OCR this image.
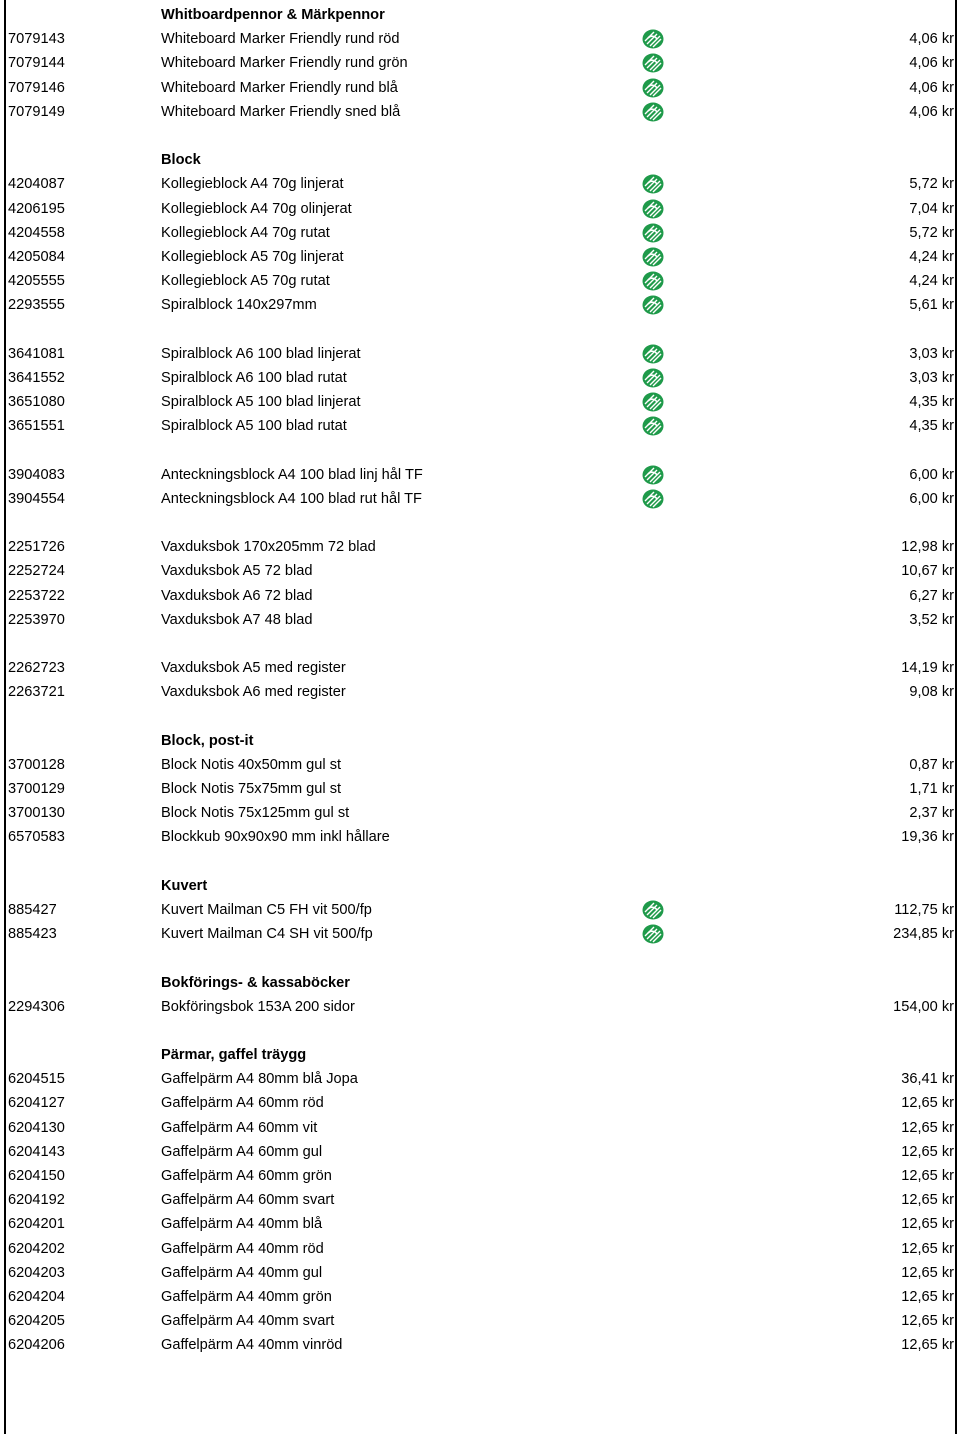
Whitboardpennor & Märkpennor
7079143	Whiteboard Marker Friendly rund röd	4,06 kr
7079144	Whiteboard Marker Friendly rund grön	4,06 kr
7079146	Whiteboard Marker Friendly rund blå	4,06 kr
7079149	Whiteboard Marker Friendly sned blå	4,06 kr
Block
4204087	Kollegieblock A4 70g linjerat	5,72 kr
4206195	Kollegieblock A4 70g olinjerat	7,04 kr
4204558	Kollegieblock A4 70g rutat	5,72 kr
4205084	Kollegieblock A5 70g linjerat	4,24 kr
4205555	Kollegieblock A5 70g rutat	4,24 kr
2293555	Spiralblock 140x297mm	5,61 kr
3641081	Spiralblock A6 100 blad linjerat	3,03 kr
3641552	Spiralblock A6 100 blad rutat	3,03 kr
3651080	Spiralblock A5 100 blad linjerat	4,35 kr
3651551	Spiralblock A5 100 blad rutat	4,35 kr
3904083	Anteckningsblock A4 100 blad linj hål TF	6,00 kr
3904554	Anteckningsblock A4 100 blad rut hål TF	6,00 kr
2251726	Vaxduksbok 170x205mm 72 blad	12,98 kr
2252724	Vaxduksbok A5 72 blad	10,67 kr
2253722	Vaxduksbok A6 72 blad	6,27 kr
2253970	Vaxduksbok A7 48 blad	3,52 kr
2262723	Vaxduksbok A5 med register	14,19 kr
2263721	Vaxduksbok A6 med register	9,08 kr
Block, post-it
3700128	Block Notis 40x50mm gul st	0,87 kr
3700129	Block Notis 75x75mm gul st	1,71 kr
3700130	Block Notis 75x125mm gul st	2,37 kr
6570583	Blockkub 90x90x90 mm inkl hållare	19,36 kr
Kuvert
885427	Kuvert Mailman C5 FH vit 500/fp	112,75 kr
885423	Kuvert Mailman C4 SH vit 500/fp	234,85 kr
Bokförings- & kassaböcker
2294306	Bokföringsbok 153A 200 sidor	154,00 kr
Pärmar, gaffel träygg
6204515	Gaffelpärm A4 80mm blå Jopa	36,41 kr
6204127	Gaffelpärm A4 60mm röd	12,65 kr
6204130	Gaffelpärm A4 60mm vit	12,65 kr
6204143	Gaffelpärm A4 60mm gul	12,65 kr
6204150	Gaffelpärm A4 60mm grön	12,65 kr
6204192	Gaffelpärm A4 60mm svart	12,65 kr
6204201	Gaffelpärm A4 40mm blå	12,65 kr
6204202	Gaffelpärm A4 40mm röd	12,65 kr
6204203	Gaffelpärm A4 40mm gul	12,65 kr
6204204	Gaffelpärm A4 40mm grön	12,65 kr
6204205	Gaffelpärm A4 40mm svart	12,65 kr
6204206	Gaffelpärm A4 40mm vinröd	12,65 kr
